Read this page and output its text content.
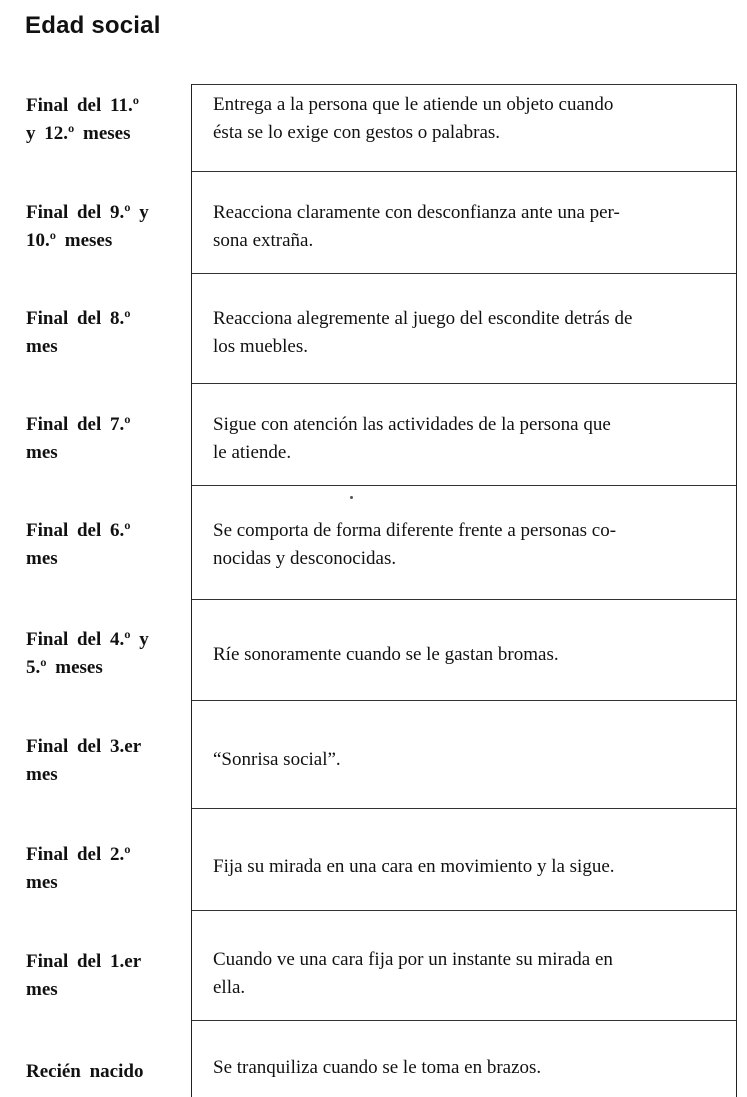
Edad social
Final del 11.º
y 12.º meses
Entrega a la persona que le atiende un objeto cuando
ésta se lo exige con gestos o palabras.
Final del 9.º y
10.º meses
Reacciona claramente con desconfianza ante una per-
sona extraña.
Final del 8.º
mes
Reacciona alegremente al juego del escondite detrás de
los muebles.
Final del 7.º
mes
Sigue con atención las actividades de la persona que
le atiende.
Final del 6.º
mes
Se comporta de forma diferente frente a personas co-
nocidas y desconocidas.
Final del 4.º y
5.º meses
Ríe sonoramente cuando se le gastan bromas.
Final del 3.er
mes
“Sonrisa social”.
Final del 2.º
mes
Fija su mirada en una cara en movimiento y la sigue.
Final del 1.er
mes
Cuando ve una cara fija por un instante su mirada en
ella.
Recién nacido	Se tranquiliza cuando se le toma en brazos.
